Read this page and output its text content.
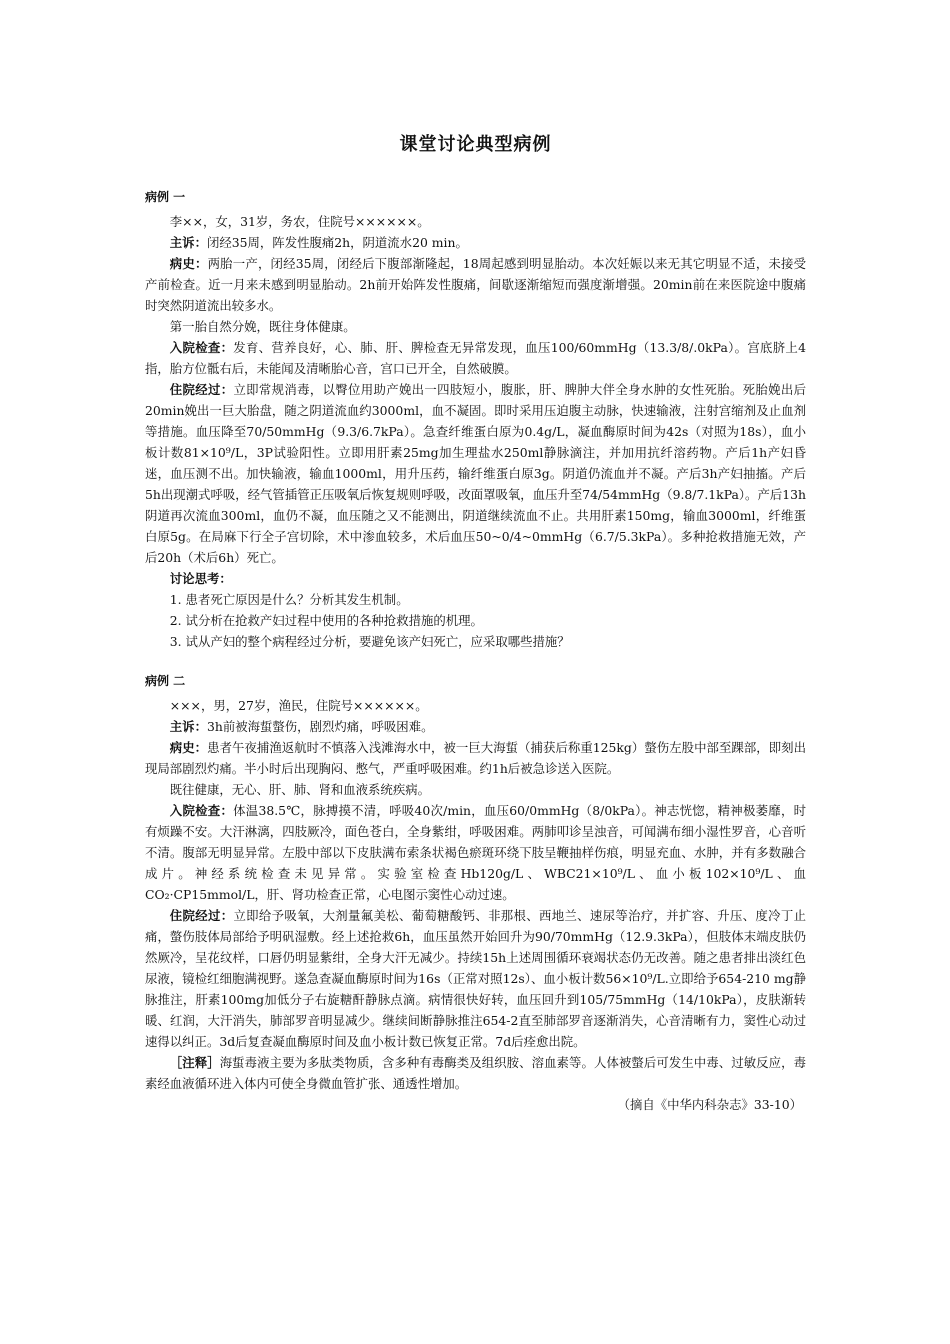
课堂讨论典型病例
病例 一

李××，女，31岁，务农，住院号××××××。

主诉：闭经35周，阵发性腹痛2h，阴道流水20 min。

病史：两胎一产，闭经35周，闭经后下腹部渐隆起，18周起感到明显胎动。本次妊娠以来无其它明显不适，未接受产前检查。近一月来未感到明显胎动。2h前开始阵发性腹痛，间歇逐渐缩短而强度渐增强。20min前在来医院途中腹痛时突然阴道流出较多水。

第一胎自然分娩，既往身体健康。

入院检查：发育、营养良好，心、肺、肝、脾检查无异常发现，血压100/60mmHg（13.3/8/.0kPa）。宫底脐上4指，胎方位骶右后，未能闻及清晰胎心音，宫口已开全，自然破膜。

住院经过：立即常规消毒，以臀位用助产娩出一四肢短小，腹胀，肝、脾肿大伴全身水肿的女性死胎。死胎娩出后20min娩出一巨大胎盘，随之阴道流血约3000ml，血不凝固。即时采用压迫腹主动脉，快速输液，注射宫缩剂及止血剂等措施。血压降至70/50mmHg（9.3/6.7kPa）。急查纤维蛋白原为0.4g/L，凝血酶原时间为42s（对照为18s），血小板计数81×10⁹/L，3P试验阳性。立即用肝素25mg加生理盐水250ml静脉滴注，并加用抗纤溶药物。产后1h产妇昏迷，血压测不出。加快输液，输血1000ml，用升压药，输纤维蛋白原3g。阴道仍流血并不凝。产后3h产妇抽搐。产后5h出现潮式呼吸，经气管插管正压吸氧后恢复规则呼吸，改面罩吸氧，血压升至74/54mmHg（9.8/7.1kPa）。产后13h阴道再次流血300ml，血仍不凝，血压随之又不能测出，阴道继续流血不止。共用肝素150mg，输血3000ml，纤维蛋白原5g。在局麻下行全子宫切除，术中渗血较多，术后血压50~0/4~0mmHg（6.7/5.3kPa）。多种抢救措施无效，产后20h（术后6h）死亡。

讨论思考：

1. 患者死亡原因是什么？分析其发生机制。

2. 试分析在抢救产妇过程中使用的各种抢救措施的机理。

3. 试从产妇的整个病程经过分析，要避免该产妇死亡，应采取哪些措施？

病例 二

×××，男，27岁，渔民，住院号××××××。

主诉：3h前被海蜇螫伤，剧烈灼痛，呼吸困难。

病史：患者午夜捕渔返航时不慎落入浅滩海水中，被一巨大海蜇（捕获后称重125kg）螫伤左股中部至踝部，即刻出现局部剧烈灼痛。半小时后出现胸闷、憋气，严重呼吸困难。约1h后被急诊送入医院。

既往健康，无心、肝、肺、肾和血液系统疾病。

入院检查：体温38.5℃，脉搏摸不清，呼吸40次/min，血压60/0mmHg（8/0kPa）。神志恍惚，精神极萎靡，时有烦躁不安。大汗淋漓，四肢厥冷，面色苍白，全身紫绀，呼吸困难。两肺叩诊呈浊音，可闻满布细小湿性罗音，心音听不清。腹部无明显异常。左股中部以下皮肤满布索条状褐色瘀斑环绕下肢呈鞭抽样伤痕，明显充血、水肿，并有多数融合成片。神经系统检查未见异常。实验室检查Hb120g/L、WBC21×10⁹/L、血小板102×10⁹/L、血CO₂·CP15mmol/L，肝、肾功检查正常，心电图示窦性心动过速。

住院经过：立即给予吸氧，大剂量氟美松、葡萄糖酸钙、非那根、西地兰、速尿等治疗，并扩容、升压、度冷丁止痛，螫伤肢体局部给予明矾湿敷。经上述抢救6h，血压虽然开始回升为90/70mmHg（12.9.3kPa），但肢体末端皮肤仍然厥冷，呈花纹样，口唇仍明显紫绀，全身大汗无减少。持续15h上述周围循环衰竭状态仍无改善。随之患者排出淡红色尿液，镜检红细胞满视野。遂急查凝血酶原时间为16s（正常对照12s）、血小板计数56×10⁹/L.立即给予654-210 mg静脉推注，肝素100mg加低分子右旋糖酐静脉点滴。病情很快好转，血压回升到105/75mmHg（14/10kPa），皮肤渐转暖、红润，大汗消失，肺部罗音明显减少。继续间断静脉推注654-2直至肺部罗音逐渐消失，心音清晰有力，窦性心动过速得以纠正。3d后复查凝血酶原时间及血小板计数已恢复正常。7d后痊愈出院。

［注释］海蜇毒液主要为多肽类物质，含多种有毒酶类及组织胺、溶血素等。人体被螫后可发生中毒、过敏反应，毒素经血液循环进入体内可使全身微血管扩张、通透性增加。

（摘自《中华内科杂志》33-10）
